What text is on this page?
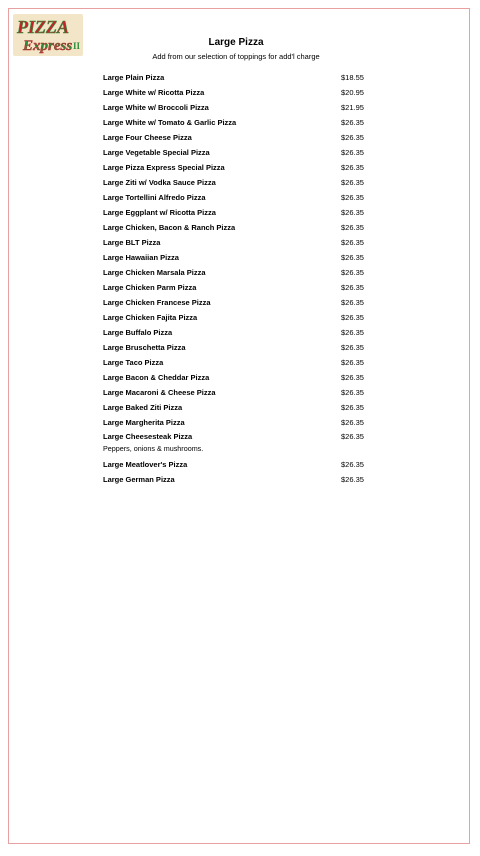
PIZZA
Express II	Large Pizza
Add from our selection of toppings for add'l charge
Large Plain Pizza	$18.55
Large White w/ Ricotta Pizza	$20.95
Large White w/ Broccoli Pizza	$21.95
Large White w/ Tomato & Garlic Pizza	$26.35
Large Four Cheese Pizza	$26.35
Large Vegetable Special Pizza	$26.35
Large Pizza Express Special Pizza	$26.35
Large Ziti w/ Vodka Sauce Pizza	$26.35
Large Tortellini Alfredo Pizza	$26.35
Large Eggplant w/ Ricotta Pizza	$26.35
Large Chicken, Bacon & Ranch Pizza	$26.35
Large BLT Pizza	$26.35
Large Hawaiian Pizza	$26.35
Large Chicken Marsala Pizza	$26.35
Large Chicken Parm Pizza	$26.35
Large Chicken Francese Pizza	$26.35
Large Chicken Fajita Pizza	$26.35
Large Buffalo Pizza	$26.35
Large Bruschetta Pizza	$26.35
Large Taco Pizza	$26.35
Large Bacon & Cheddar Pizza	$26.35
Large Macaroni & Cheese Pizza	$26.35
Large Baked Ziti Pizza	$26.35
Large Margherita Pizza	$26.35
Large Cheesesteak Pizza	$26.35
Peppers, onions & mushrooms.
Large Meatlover's Pizza	$26.35
Large German Pizza	$26.35
